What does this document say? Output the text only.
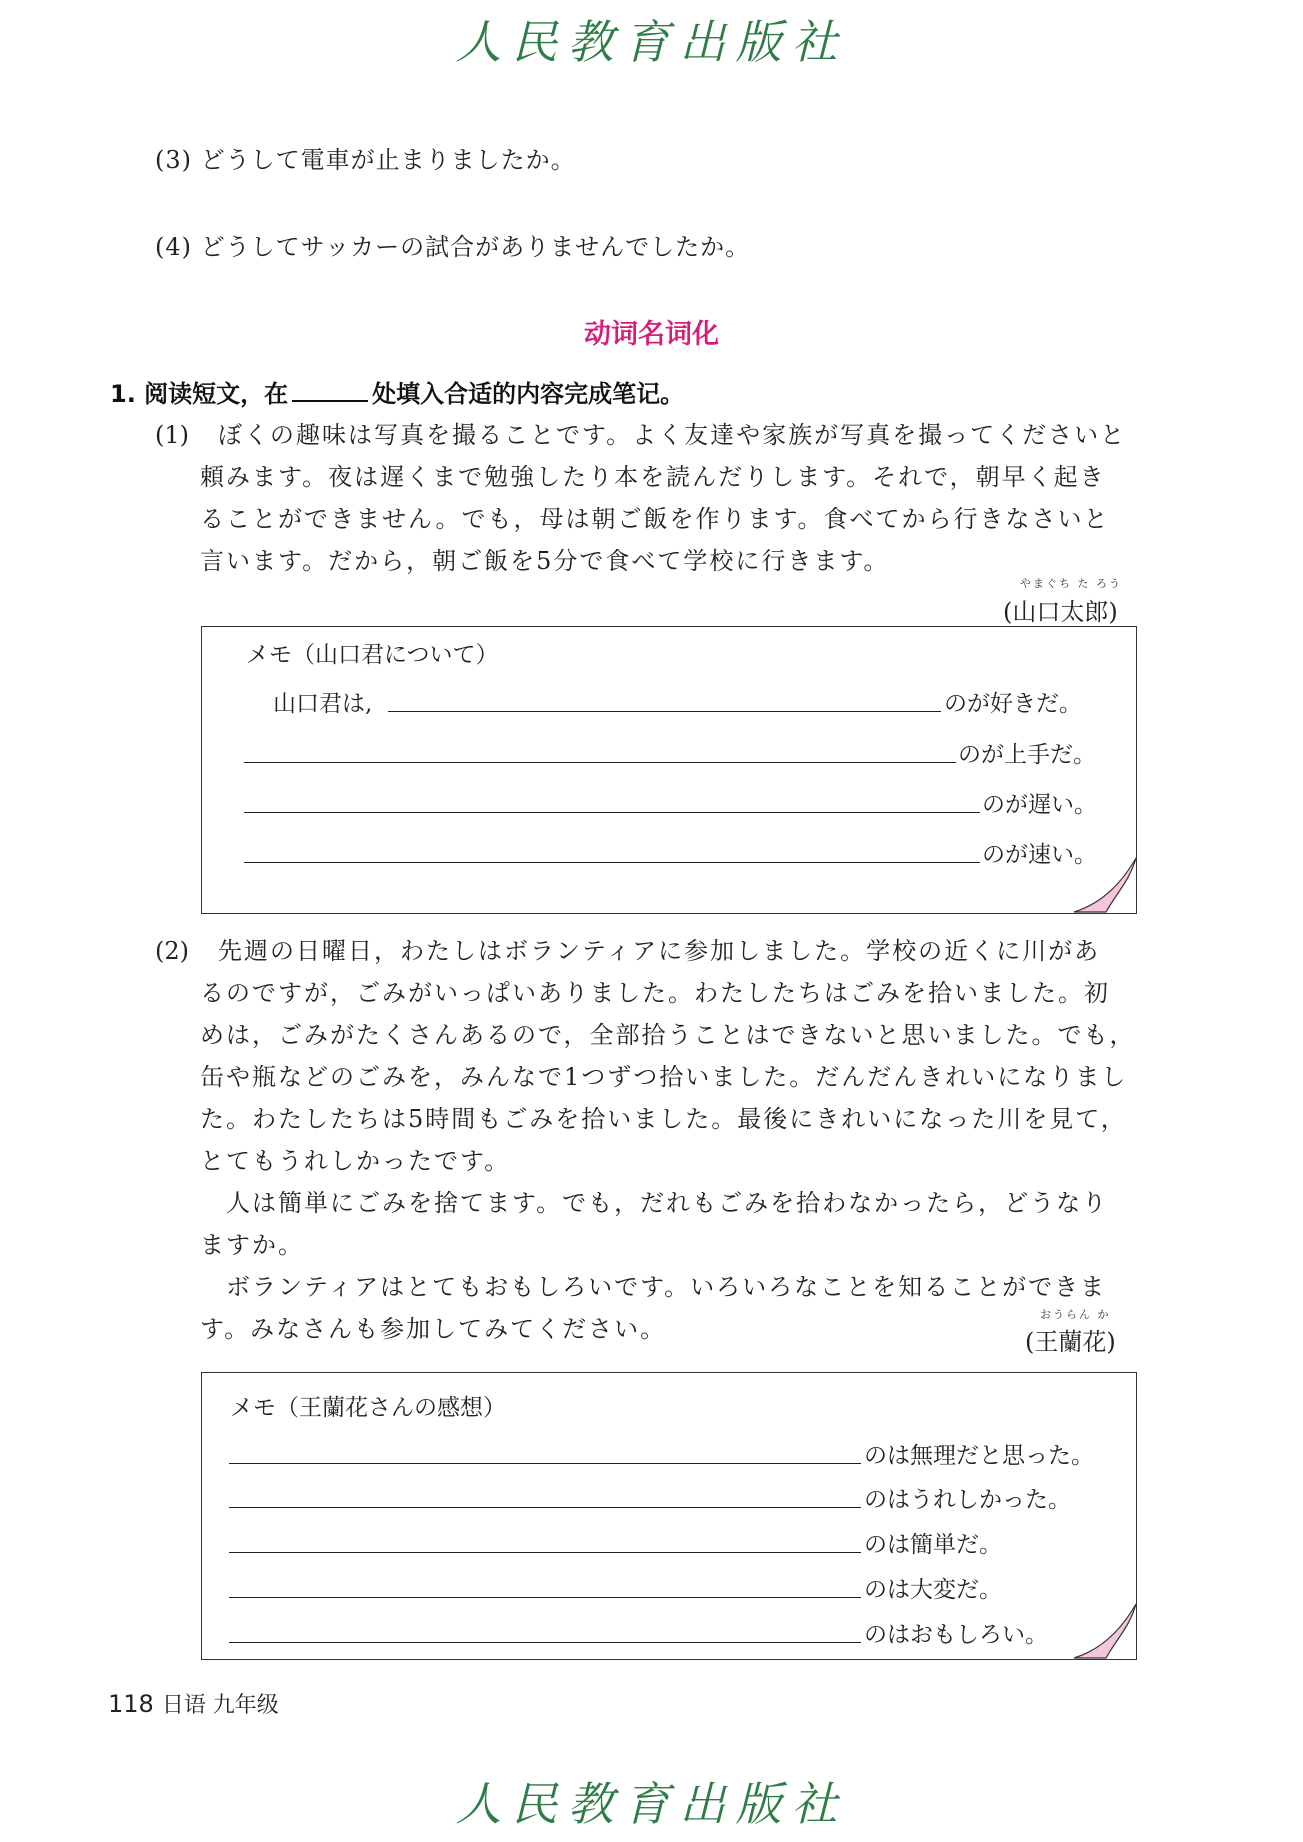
人民教育出版社
(3) どうして電車が止まりましたか。
(4) どうしてサッカーの試合がありませんでしたか。
动词名词化
1. 阅读短文，在	处填入合适的内容完成笔记。
(1)	ぼくの趣味は写真を撮ることです。よく友達や家族が写真を撮ってくださいと
頼みます。夜は遅くまで勉強したり本を読んだりします。それで，朝早く起き
ることができません。でも，母は朝ご飯を作ります。食べてから行きなさいと
言います。だから，朝ご飯を5分で食べて学校に行きます。
やまぐち た ろう
(山口太郎)
メモ（山口君について）
山口君は,	のが好きだ。
のが上手だ。
のが遅い。
のが速い。
(2)	先週の日曜日，わたしはボランティアに参加しました。学校の近くに川があ
るのですが，ごみがいっぱいありました。わたしたちはごみを拾いました。初
めは，ごみがたくさんあるので，全部拾うことはできないと思いました。でも，
缶や瓶などのごみを，みんなで1つずつ拾いました。だんだんきれいになりまし
た。わたしたちは5時間もごみを拾いました。最後にきれいになった川を見て，
とてもうれしかったです。
人は簡単にごみを捨てます。でも，だれもごみを拾わなかったら，どうなり
ますか。
ボランティアはとてもおもしろいです。いろいろなことを知ることができま
す。みなさんも参加してみてください。
おうらん か
(王蘭花)
メモ（王蘭花さんの感想）
のは無理だと思った。
のはうれしかった。
のは簡単だ。
のは大変だ。
のはおもしろい。
118 日语 九年级
人民教育出版社
